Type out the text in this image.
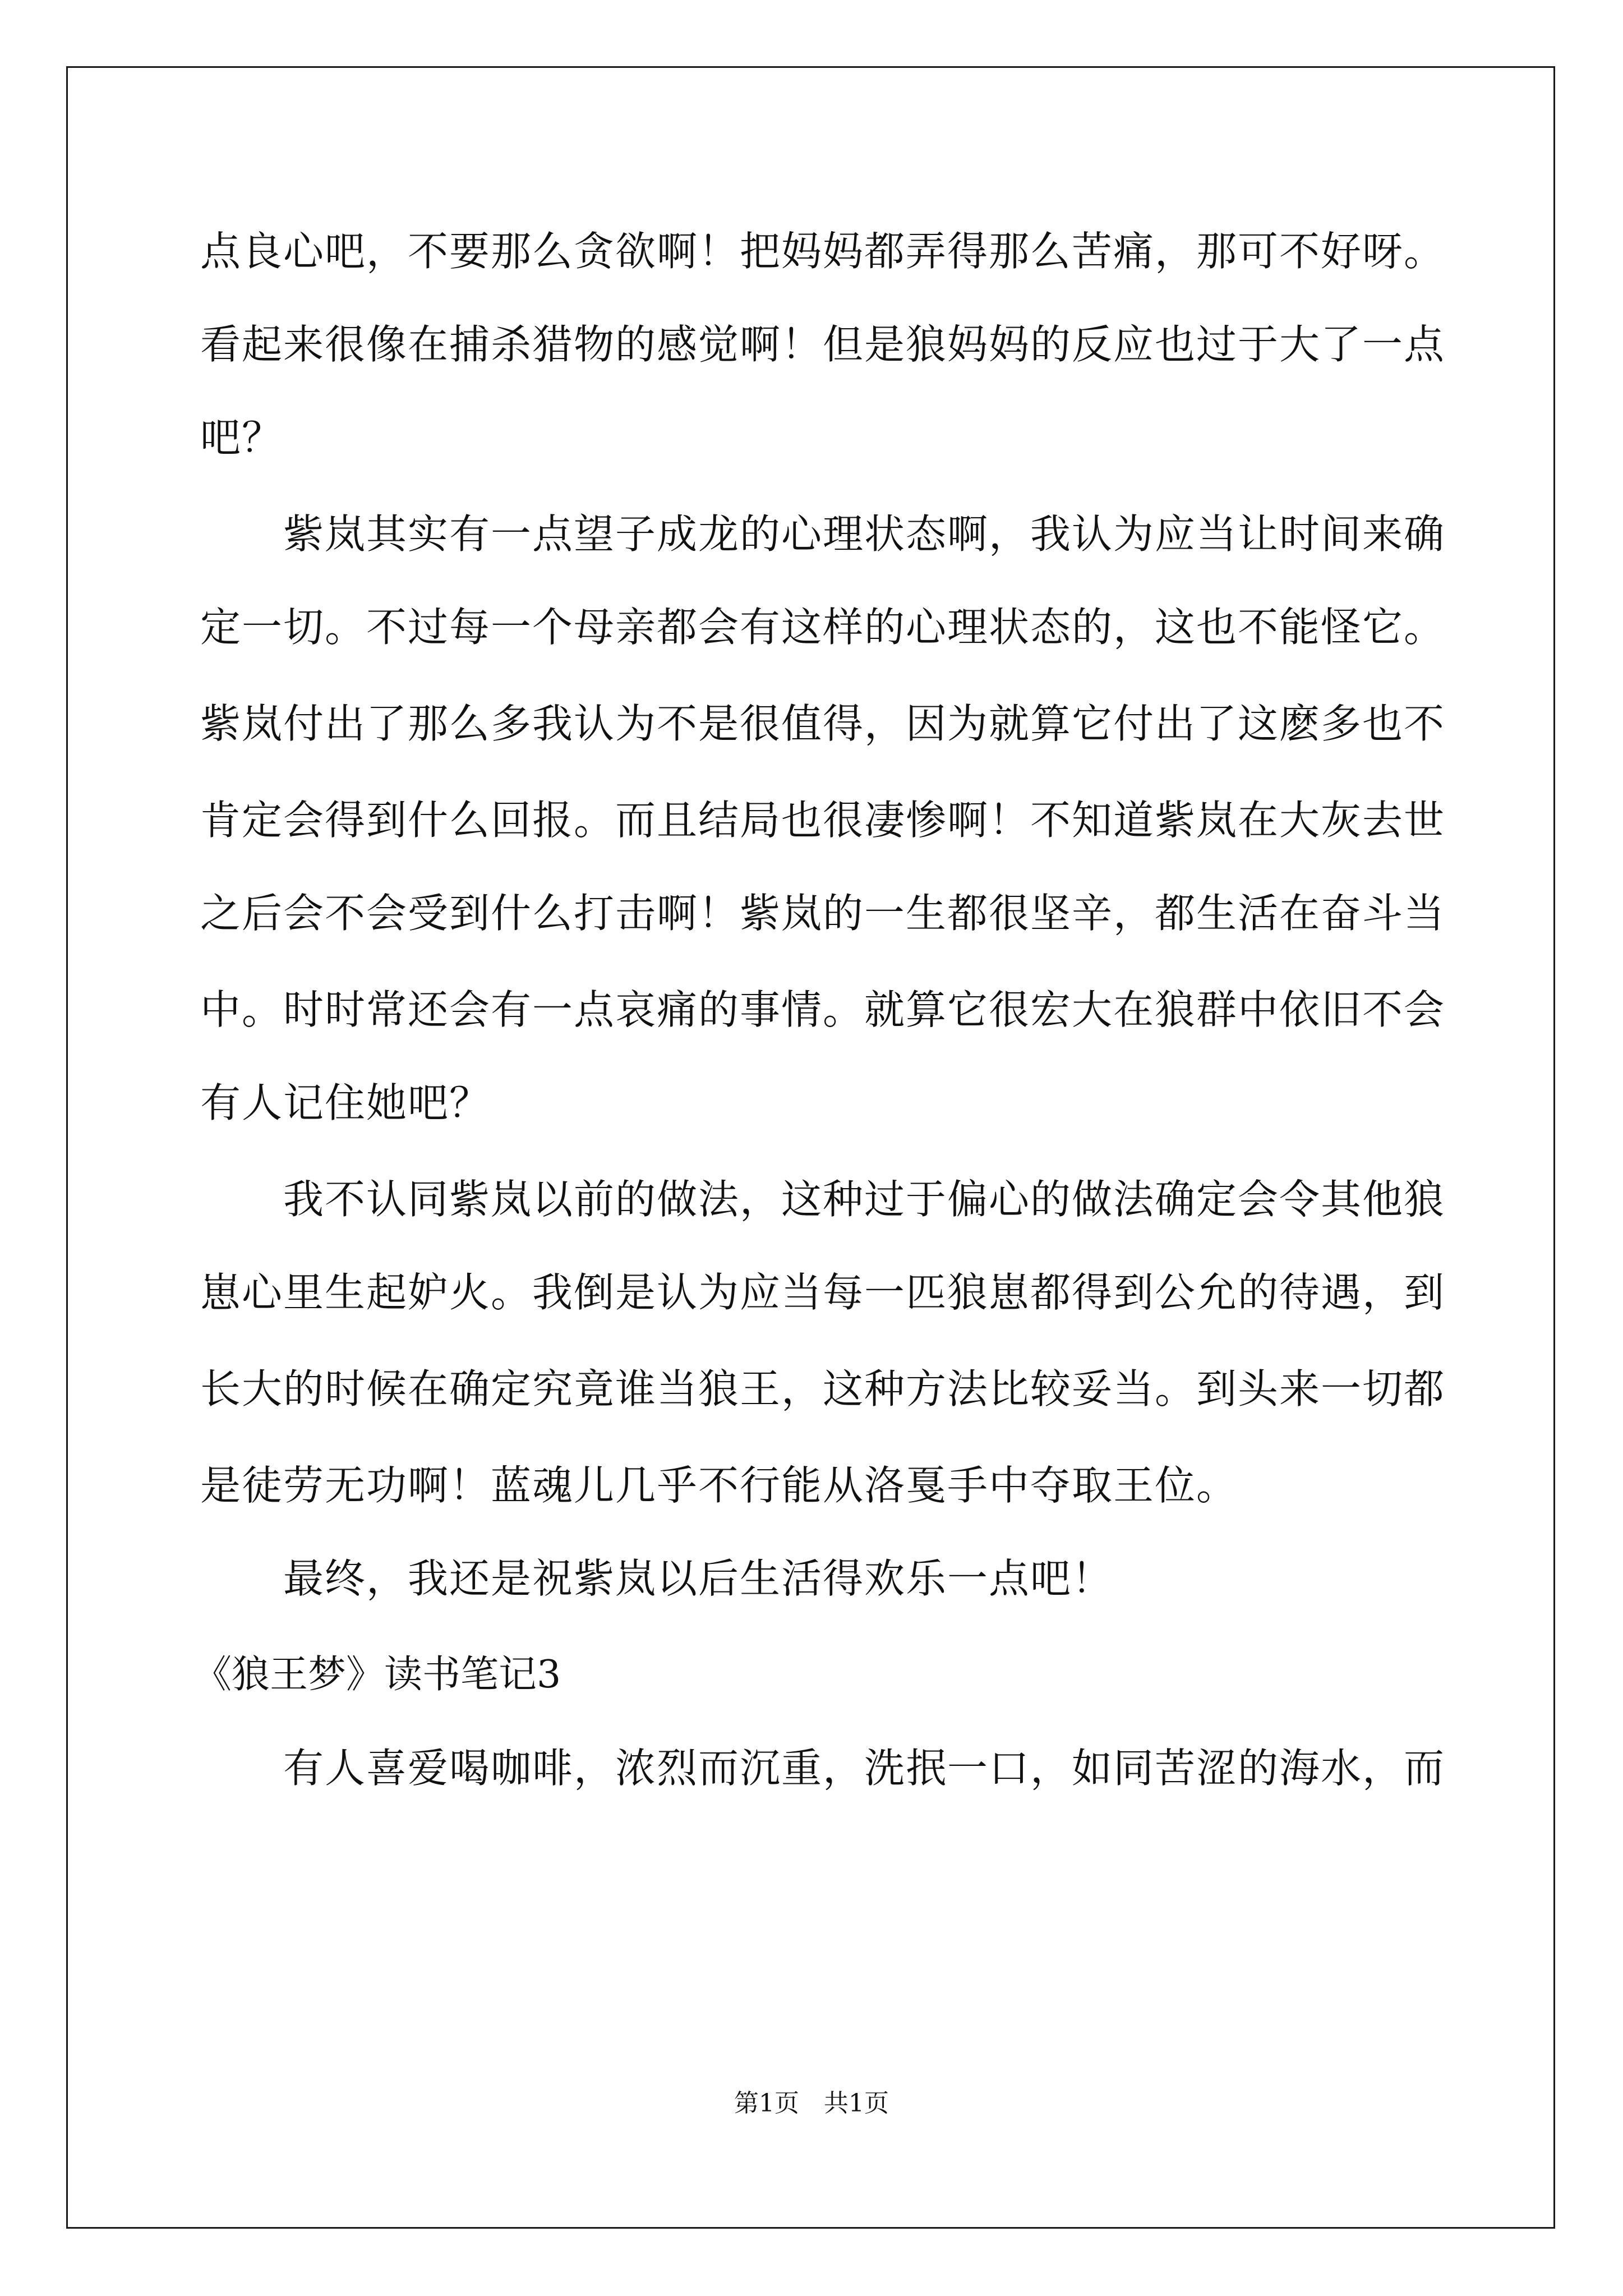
点良心吧，不要那么贪欲啊！把妈妈都弄得那么苦痛，那可不好呀。
看起来很像在捕杀猎物的感觉啊！但是狼妈妈的反应也过于大了一点
吧？
紫岚其实有一点望子成龙的心理状态啊，我认为应当让时间来确
定一切。不过每一个母亲都会有这样的心理状态的，这也不能怪它。
紫岚付出了那么多我认为不是很值得，因为就算它付出了这麽多也不
肯定会得到什么回报。而且结局也很凄惨啊！不知道紫岚在大灰去世
之后会不会受到什么打击啊！紫岚的一生都很坚辛，都生活在奋斗当
中。时时常还会有一点哀痛的事情。就算它很宏大在狼群中依旧不会
有人记住她吧？
我不认同紫岚以前的做法，这种过于偏心的做法确定会令其他狼
崽心里生起妒火。我倒是认为应当每一匹狼崽都得到公允的待遇，到
长大的时候在确定究竟谁当狼王，这种方法比较妥当。到头来一切都
是徒劳无功啊！蓝魂儿几乎不行能从洛戛手中夺取王位。
最终，我还是祝紫岚以后生活得欢乐一点吧！
《狼王梦》读书笔记3
有人喜爱喝咖啡，浓烈而沉重，洗抿一口，如同苦涩的海水，而
第1页　共1页
